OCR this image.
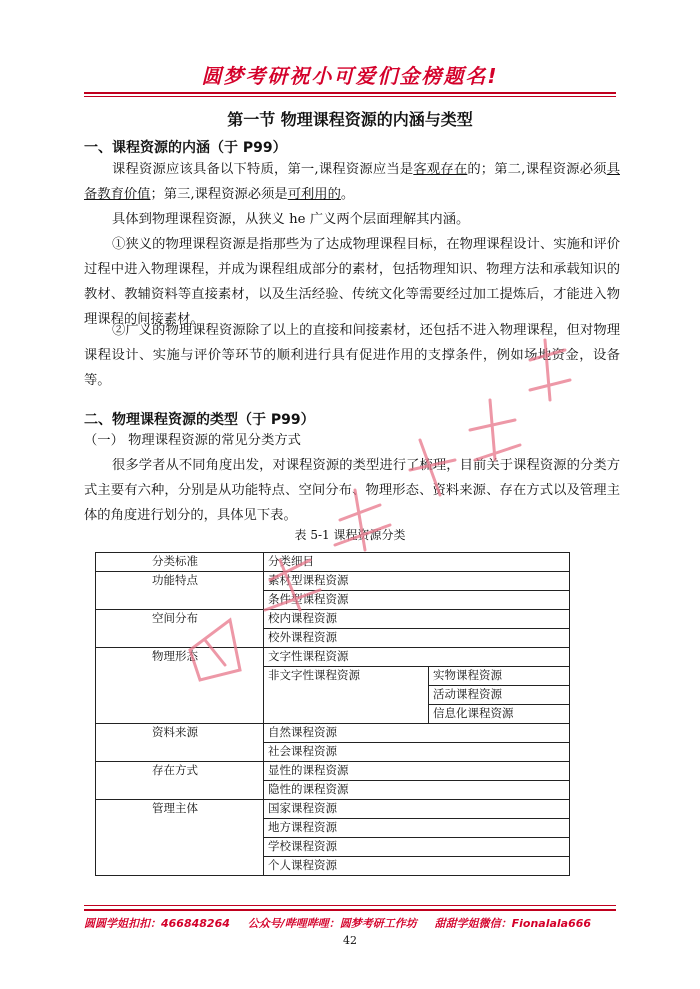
圆梦考研祝小可爱们金榜题名!
第一节 物理课程资源的内涵与类型
一、课程资源的内涵（于 P99）
课程资源应该具备以下特质，第一,课程资源应当是客观存在的；第二,课程资源必须具备教育价值；第三,课程资源必须是可利用的。
具体到物理课程资源，从狭义 he 广义两个层面理解其内涵。
①狭义的物理课程资源是指那些为了达成物理课程目标，在物理课程设计、实施和评价过程中进入物理课程，并成为课程组成部分的素材，包括物理知识、物理方法和承载知识的教材、教辅资料等直接素材，以及生活经验、传统文化等需要经过加工提炼后，才能进入物理课程的间接素材。
②广义的物理课程资源除了以上的直接和间接素材，还包括不进入物理课程，但对物理课程设计、实施与评价等环节的顺利进行具有促进作用的支撑条件，例如场地资金，设备等。
二、物理课程资源的类型（于 P99）
（一） 物理课程资源的常见分类方式
很多学者从不同角度出发，对课程资源的类型进行了梳理，目前关于课程资源的分类方式主要有六种，分别是从功能特点、空间分布、物理形态、资料来源、存在方式以及管理主体的角度进行划分的，具体见下表。
表 5-1 课程资源分类
分类标准	分类细目	
功能特点	素材型课程资源	
	条件型课程资源	
空间分布	校内课程资源	
	校外课程资源	
物理形态	文字性课程资源	
	非文字性课程资源	实物课程资源
		活动课程资源
		信息化课程资源
资料来源	自然课程资源	
	社会课程资源	
存在方式	显性的课程资源	
	隐性的课程资源	
管理主体	国家课程资源	
	地方课程资源	
	学校课程资源	
	个人课程资源	
圆圆学姐扣扣：466848264 公众号/哔哩哔哩：圆梦考研工作坊 甜甜学姐微信：Fionalala666
42
